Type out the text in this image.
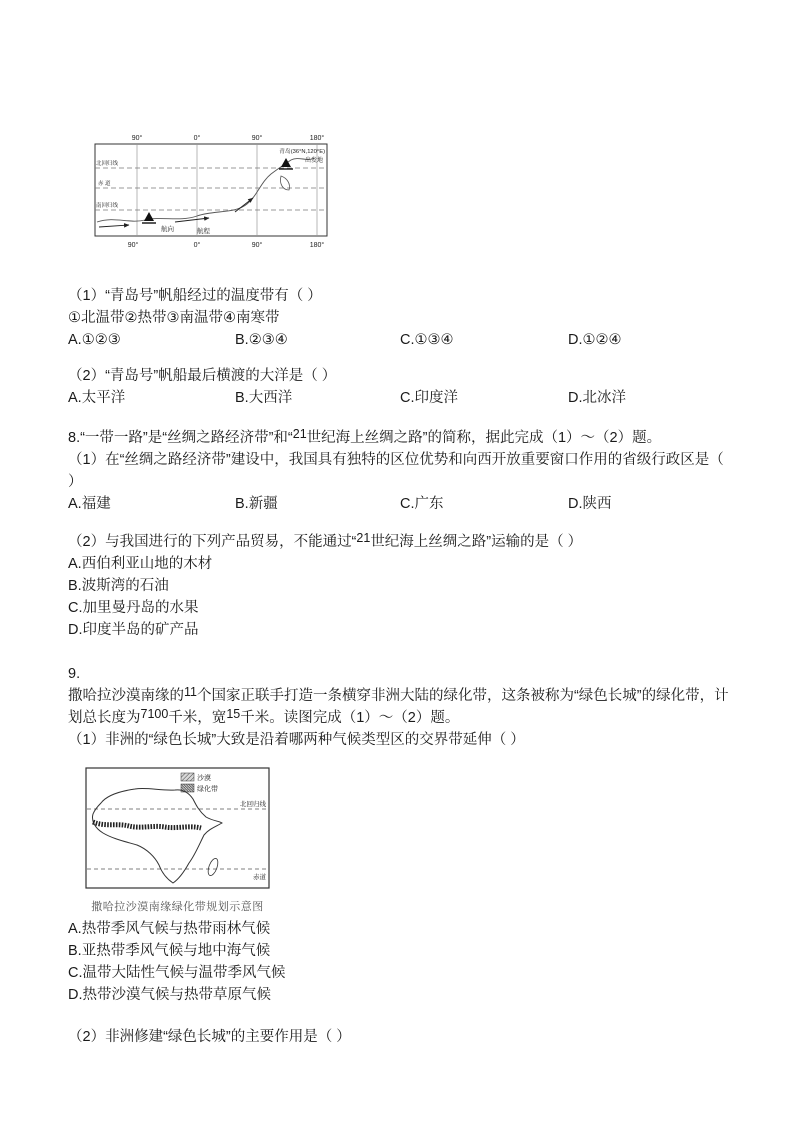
90°	0°	90°	180°
90°	0°	90°	180°
北回归线
赤 道
南回归线
航向	航程
青岛(36°N,120°E)
出发地

（1）“青岛号”帆船经过的温度带有（ ）

①北温带②热带③南温带④南寒带

A.①②③	B.②③④	C.①③④	D.①②④

（2）“青岛号”帆船最后横渡的大洋是（ ）

A.太平洋	B.大西洋	C.印度洋	D.北冰洋

8.“一带一路”是“丝绸之路经济带”和“21世纪海上丝绸之路”的简称，据此完成（1）～（2）题。

（1）在“丝绸之路经济带”建设中，我国具有独特的区位优势和向西开放重要窗口作用的省级行政区是（ ）

A.福建	B.新疆	C.广东	D.陕西

（2）与我国进行的下列产品贸易，不能通过“21世纪海上丝绸之路”运输的是（ ）

A.西伯利亚山地的木材

B.波斯湾的石油

C.加里曼丹岛的水果

D.印度半岛的矿产品

9.

撒哈拉沙漠南缘的11个国家正联手打造一条横穿非洲大陆的绿化带，这条被称为“绿色长城”的绿化带，计划总长度为7100千米，宽15千米。读图完成（1）～（2）题。

（1）非洲的“绿色长城”大致是沿着哪两种气候类型区的交界带延伸（ ）

沙漠
绿化带
北回归线
赤道
撒哈拉沙漠南缘绿化带规划示意图

A.热带季风气候与热带雨林气候

B.亚热带季风气候与地中海气候

C.温带大陆性气候与温带季风气候

D.热带沙漠气候与热带草原气候

（2）非洲修建“绿色长城”的主要作用是（ ）
